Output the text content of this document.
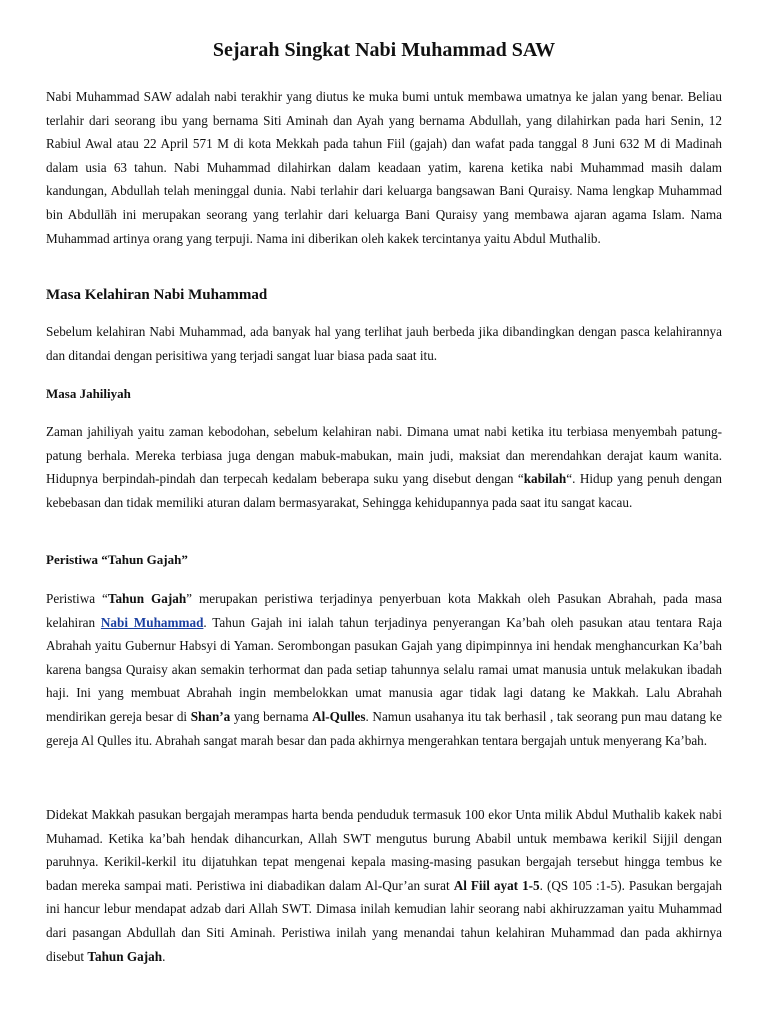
Sejarah Singkat Nabi Muhammad SAW

Nabi Muhammad SAW adalah nabi terakhir yang diutus ke muka bumi untuk membawa umatnya ke jalan yang benar. Beliau terlahir dari seorang ibu yang bernama Siti Aminah dan Ayah yang bernama Abdullah, yang dilahirkan pada hari Senin, 12 Rabiul Awal atau 22 April 571 M di kota Mekkah pada tahun Fiil (gajah) dan wafat pada tanggal 8 Juni 632 M di Madinah dalam usia 63 tahun. Nabi Muhammad dilahirkan dalam keadaan yatim, karena ketika nabi Muhammad masih dalam kandungan, Abdullah telah meninggal dunia. Nabi terlahir dari keluarga bangsawan Bani Quraisy. Nama lengkap Muhammad bin Abdullāh ini merupakan seorang yang terlahir dari keluarga Bani Quraisy yang membawa ajaran agama Islam. Nama Muhammad artinya orang yang terpuji. Nama ini diberikan oleh kakek tercintanya yaitu Abdul Muthalib.

Masa Kelahiran Nabi Muhammad

Sebelum kelahiran Nabi Muhammad, ada banyak hal yang terlihat jauh berbeda jika dibandingkan dengan pasca kelahirannya dan ditandai dengan perisitiwa yang terjadi sangat luar biasa pada saat itu.

Masa Jahiliyah

Zaman jahiliyah yaitu zaman kebodohan, sebelum kelahiran nabi. Dimana umat nabi ketika itu terbiasa menyembah patung-patung berhala. Mereka terbiasa juga dengan mabuk-mabukan, main judi, maksiat dan merendahkan derajat kaum wanita. Hidupnya berpindah-pindah dan terpecah kedalam beberapa suku yang disebut dengan “kabilah“. Hidup yang penuh dengan kebebasan dan tidak memiliki aturan dalam bermasyarakat, Sehingga kehidupannya pada saat itu sangat kacau.

Peristiwa “Tahun Gajah”

Peristiwa “Tahun Gajah” merupakan peristiwa terjadinya penyerbuan kota Makkah oleh Pasukan Abrahah, pada masa kelahiran Nabi Muhammad. Tahun Gajah ini ialah tahun terjadinya penyerangan Ka’bah oleh pasukan atau tentara Raja Abrahah yaitu Gubernur Habsyi di Yaman. Serombongan pasukan Gajah yang dipimpinnya ini hendak menghancurkan Ka’bah karena bangsa Quraisy akan semakin terhormat dan pada setiap tahunnya selalu ramai umat manusia untuk melakukan ibadah haji. Ini yang membuat Abrahah ingin membelokkan umat manusia agar tidak lagi datang ke Makkah. Lalu Abrahah mendirikan gereja besar di Shan’a yang bernama Al-Qulles. Namun usahanya itu tak berhasil , tak seorang pun mau datang ke gereja Al Qulles itu. Abrahah sangat marah besar dan pada akhirnya mengerahkan tentara bergajah untuk menyerang Ka’bah.

Didekat Makkah pasukan bergajah merampas harta benda penduduk termasuk 100 ekor Unta milik Abdul Muthalib kakek nabi Muhamad. Ketika ka’bah hendak dihancurkan, Allah SWT mengutus burung Ababil untuk membawa kerikil Sijjil dengan paruhnya. Kerikil-kerkil itu dijatuhkan tepat mengenai kepala masing-masing pasukan bergajah tersebut hingga tembus ke badan mereka sampai mati. Peristiwa ini diabadikan dalam Al-Qur’an surat Al Fiil ayat 1-5. (QS 105 :1-5). Pasukan bergajah ini hancur lebur mendapat adzab dari Allah SWT. Dimasa inilah kemudian lahir seorang nabi akhiruzzaman yaitu Muhammad dari pasangan Abdullah dan Siti Aminah. Peristiwa inilah yang menandai tahun kelahiran Muhammad dan pada akhirnya disebut Tahun Gajah.
